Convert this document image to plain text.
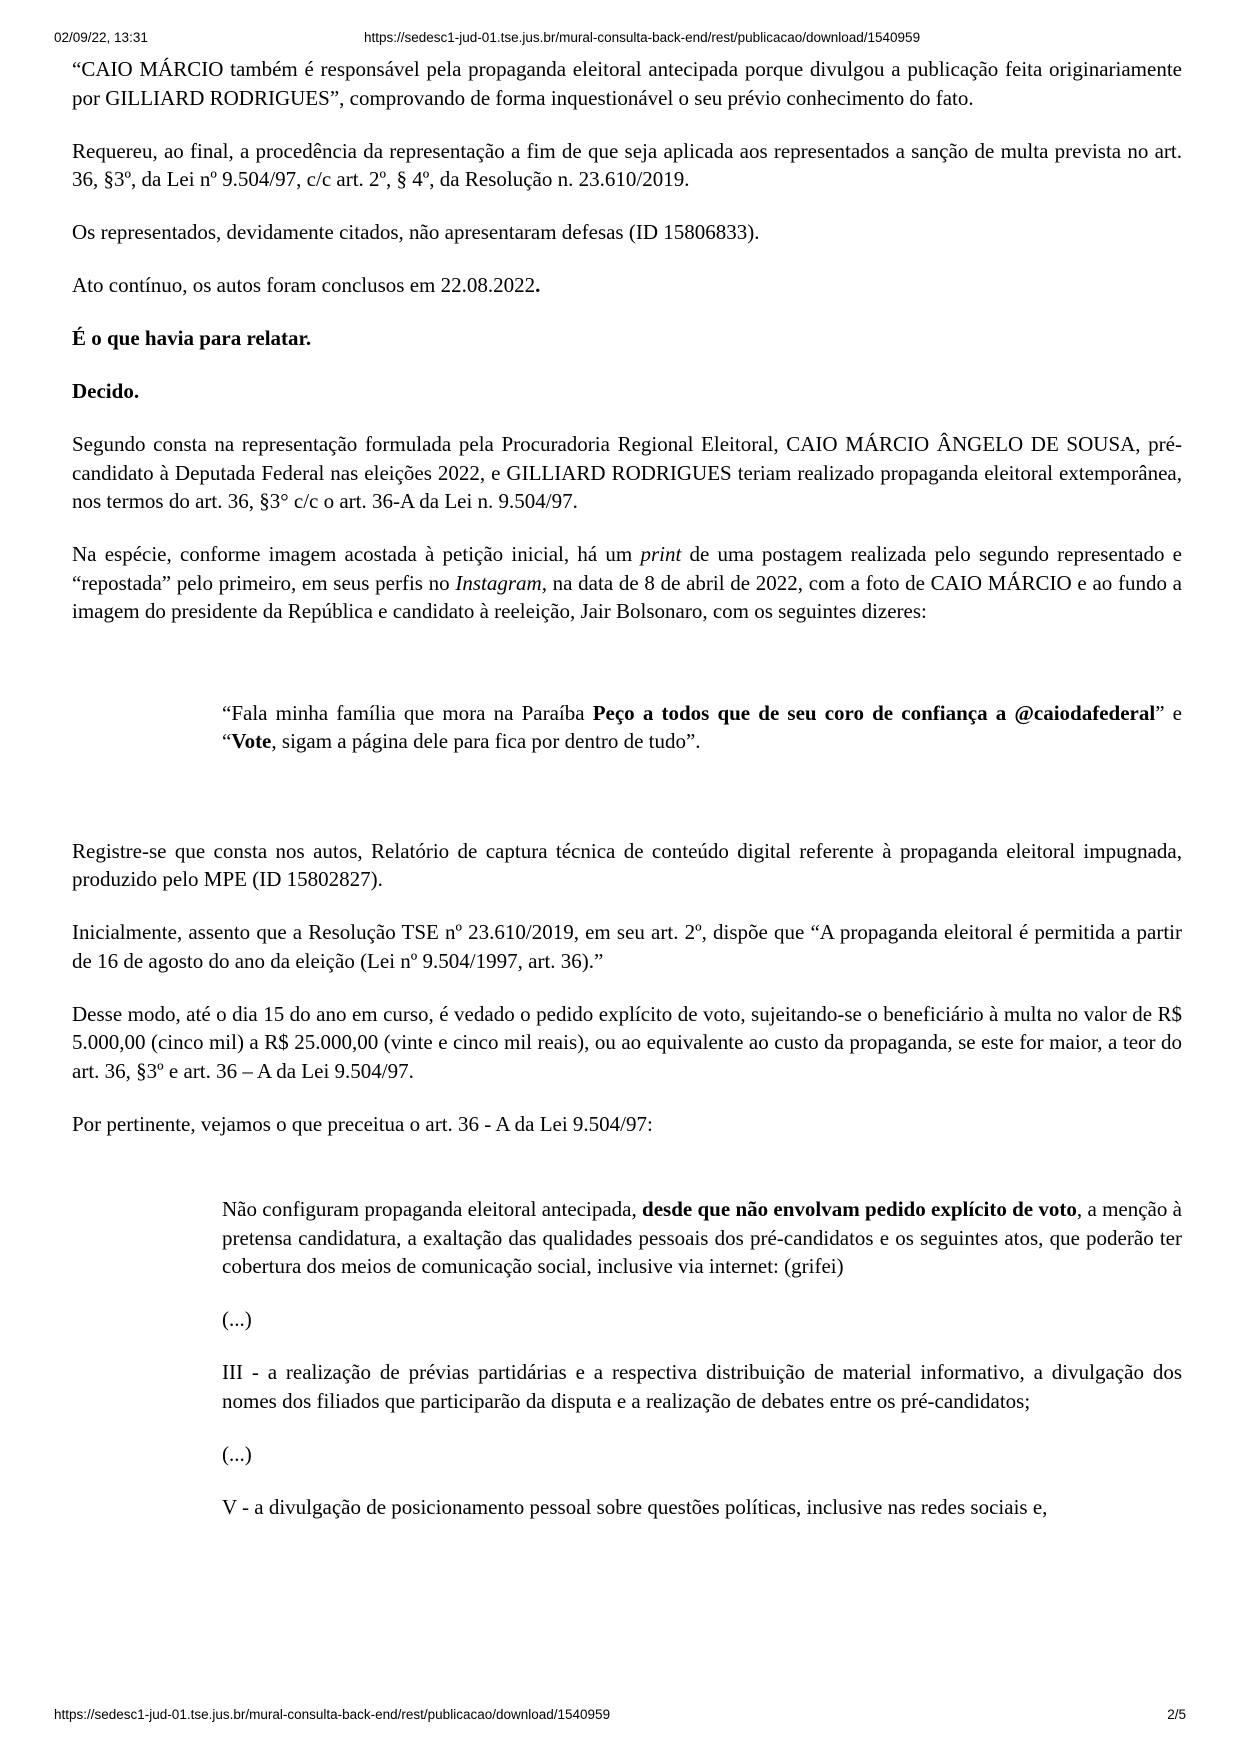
02/09/22, 13:31	https://sedesc1-jud-01.tse.jus.br/mural-consulta-back-end/rest/publicacao/download/1540959

“CAIO MÁRCIO também é responsável pela propaganda eleitoral antecipada porque divulgou a publicação feita originariamente por GILLIARD RODRIGUES”, comprovando de forma inquestionável o seu prévio conhecimento do fato.

Requereu, ao final, a procedência da representação a fim de que seja aplicada aos representados a sanção de multa prevista no art. 36, §3º, da Lei nº 9.504/97, c/c art. 2º, § 4º, da Resolução n. 23.610/2019.

Os representados, devidamente citados, não apresentaram defesas (ID 15806833).

Ato contínuo, os autos foram conclusos em 22.08.2022.

É o que havia para relatar.

Decido.

Segundo consta na representação formulada pela Procuradoria Regional Eleitoral, CAIO MÁRCIO ÂNGELO DE SOUSA, pré-candidato à Deputada Federal nas eleições 2022, e GILLIARD RODRIGUES teriam realizado propaganda eleitoral extemporânea, nos termos do art. 36, §3° c/c o art. 36-A da Lei n. 9.504/97.

Na espécie, conforme imagem acostada à petição inicial, há um print de uma postagem realizada pelo segundo representado e “repostada” pelo primeiro, em seus perfis no Instagram, na data de 8 de abril de 2022, com a foto de CAIO MÁRCIO e ao fundo a imagem do presidente da República e candidato à reeleição, Jair Bolsonaro, com os seguintes dizeres:

“Fala minha família que mora na Paraíba Peço a todos que de seu coro de confiança a @caiodafederal” e “Vote, sigam a página dele para fica por dentro de tudo”.

Registre-se que consta nos autos, Relatório de captura técnica de conteúdo digital referente à propaganda eleitoral impugnada, produzido pelo MPE (ID 15802827).

Inicialmente, assento que a Resolução TSE nº 23.610/2019, em seu art. 2º, dispõe que “A propaganda eleitoral é permitida a partir de 16 de agosto do ano da eleição (Lei nº 9.504/1997, art. 36).”

Desse modo, até o dia 15 do ano em curso, é vedado o pedido explícito de voto, sujeitando-se o beneficiário à multa no valor de R$ 5.000,00 (cinco mil) a R$ 25.000,00 (vinte e cinco mil reais), ou ao equivalente ao custo da propaganda, se este for maior, a teor do art. 36, §3º e art. 36 – A da Lei 9.504/97.

Por pertinente, vejamos o que preceitua o art. 36 - A da Lei 9.504/97:

Não configuram propaganda eleitoral antecipada, desde que não envolvam pedido explícito de voto, a menção à pretensa candidatura, a exaltação das qualidades pessoais dos pré-candidatos e os seguintes atos, que poderão ter cobertura dos meios de comunicação social, inclusive via internet: (grifei)

(...)

III - a realização de prévias partidárias e a respectiva distribuição de material informativo, a divulgação dos nomes dos filiados que participarão da disputa e a realização de debates entre os pré-candidatos;

(...)

V - a divulgação de posicionamento pessoal sobre questões políticas, inclusive nas redes sociais e,

https://sedesc1-jud-01.tse.jus.br/mural-consulta-back-end/rest/publicacao/download/1540959	2/5
